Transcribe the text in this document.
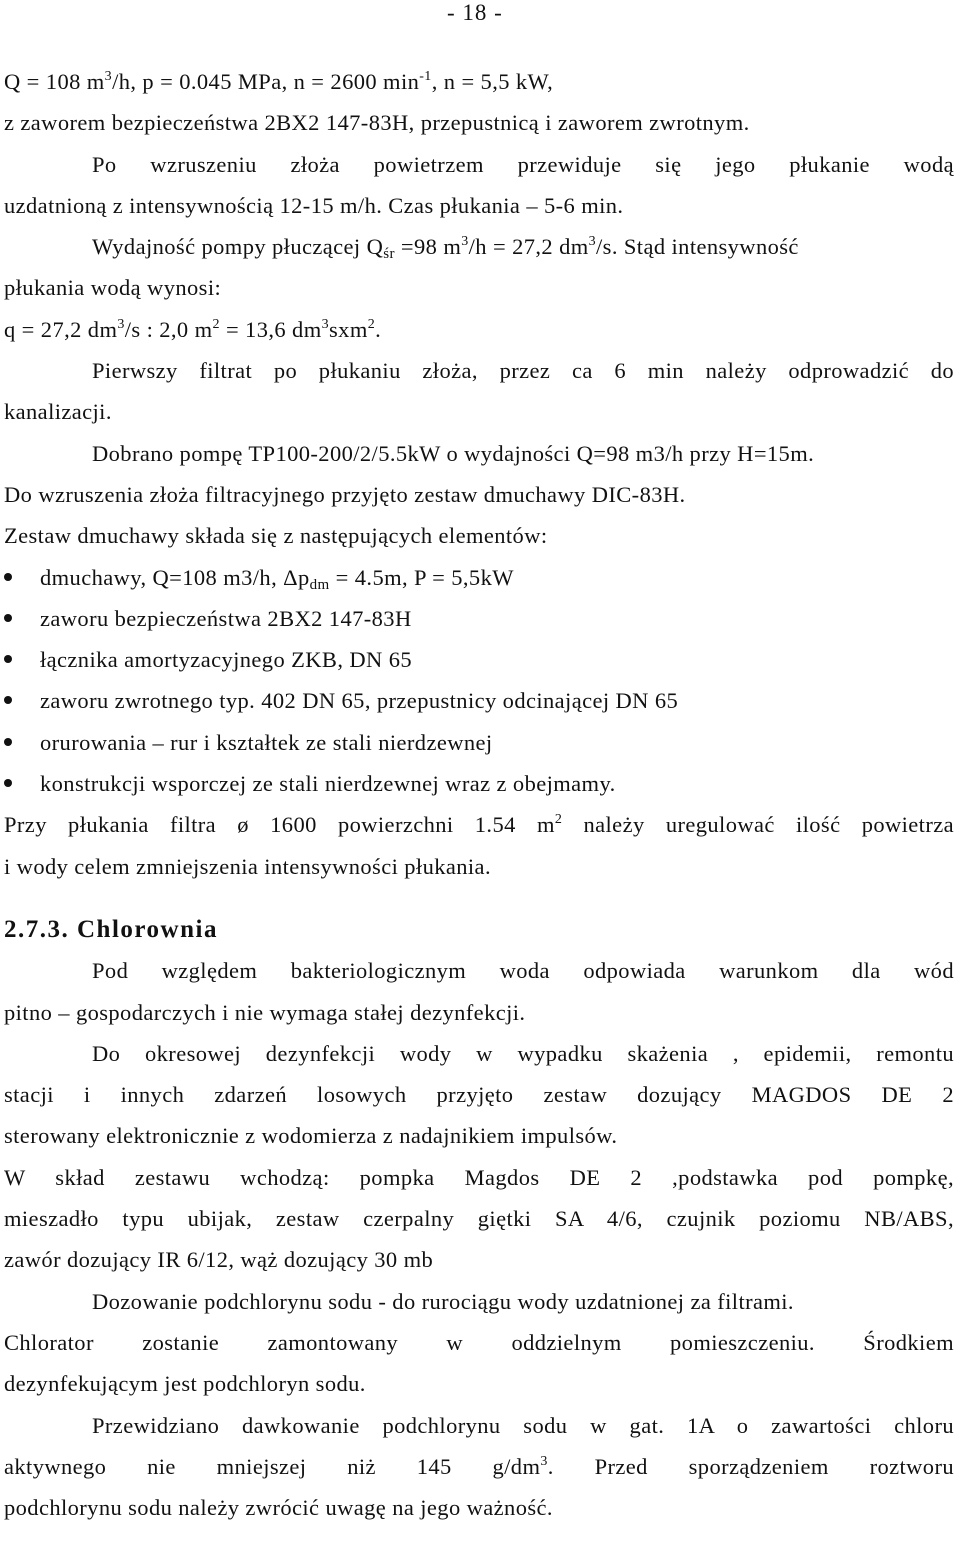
- 18 -
Q = 108 $m^3/h$, p = 0.045 MPa, n = 2600 $\min^{-1}$, n = 5,5 kW,
z zaworem bezpieczeństwa 2BX2 147-83H, przepustnicą i zaworem zwrotnym.
Po wzruszeniu złoża powietrzem przewiduje się jego płukanie wodą
uzdatnioną z intensywnością 12-15 m/h. Czas płukania – 5-6 min.
Wydajność pompy płuczącej $Q_{śr} =98$ $m^3/h = 27,2$ $dm^3/s$. Stąd intensywność
płukania wodą wynosi:
q = 27,2 $dm^3/s$ : 2,0 $m^2 = 13,6$ $dm^3sxm^2$.
Pierwszy filtrat po płukaniu złoża, przez ca 6 min należy odprowadzić do
kanalizacji.
Dobrano pompę TP100-200/2/5.5kW o wydajności Q=98 m3/h przy H=15m.
Do wzruszenia złoża filtracyjnego przyjęto zestaw dmuchawy DIC-83H.
Zestaw dmuchawy składa się z następujących elementów:
dmuchawy, Q=108 m3/h, $\Delta p_{dm} = 4.5m$, P = 5,5kW
zaworu bezpieczeństwa 2BX2 147-83H
łącznika amortyzacyjnego ZKB, DN 65
zaworu zwrotnego typ. 402 DN 65, przepustnicy odcinającej DN 65
orurowania – rur i kształtek ze stali nierdzewnej
konstrukcji wsporczej ze stali nierdzewnej wraz z obejmamy.
Przy płukania filtra ø 1600 powierzchni 1.54 $m^2$ należy uregulować ilość powietrza
i wody celem zmniejszenia intensywności płukania.
2.7.3. Chlorownia
Pod względem bakteriologicznym woda odpowiada warunkom dla wód
pitno – gospodarczych i nie wymaga stałej dezynfekcji.
Do okresowej dezynfekcji wody w wypadku skażenia , epidemii, remontu
stacji i innych zdarzeń losowych przyjęto zestaw dozujący MAGDOS DE 2
sterowany elektronicznie z wodomierza z nadajnikiem impulsów.
W skład zestawu wchodzą: pompka Magdos DE 2 ,podstawka pod pompkę,
mieszadło typu ubijak, zestaw czerpalny giętki SA 4/6, czujnik poziomu NB/ABS,
zawór dozujący IR 6/12, wąż dozujący 30 mb
Dozowanie podchlorynu sodu - do rurociągu wody uzdatnionej za filtrami.
Chlorator zostanie zamontowany w oddzielnym pomieszczeniu. Środkiem
dezynfekującym jest podchloryn sodu.
Przewidziano dawkowanie podchlorynu sodu w gat. 1A o zawartości chloru
aktywnego nie mniejszej niż 145 $g/dm^3$. Przed sporządzeniem roztworu
podchlorynu sodu należy zwrócić uwagę na jego ważność.
